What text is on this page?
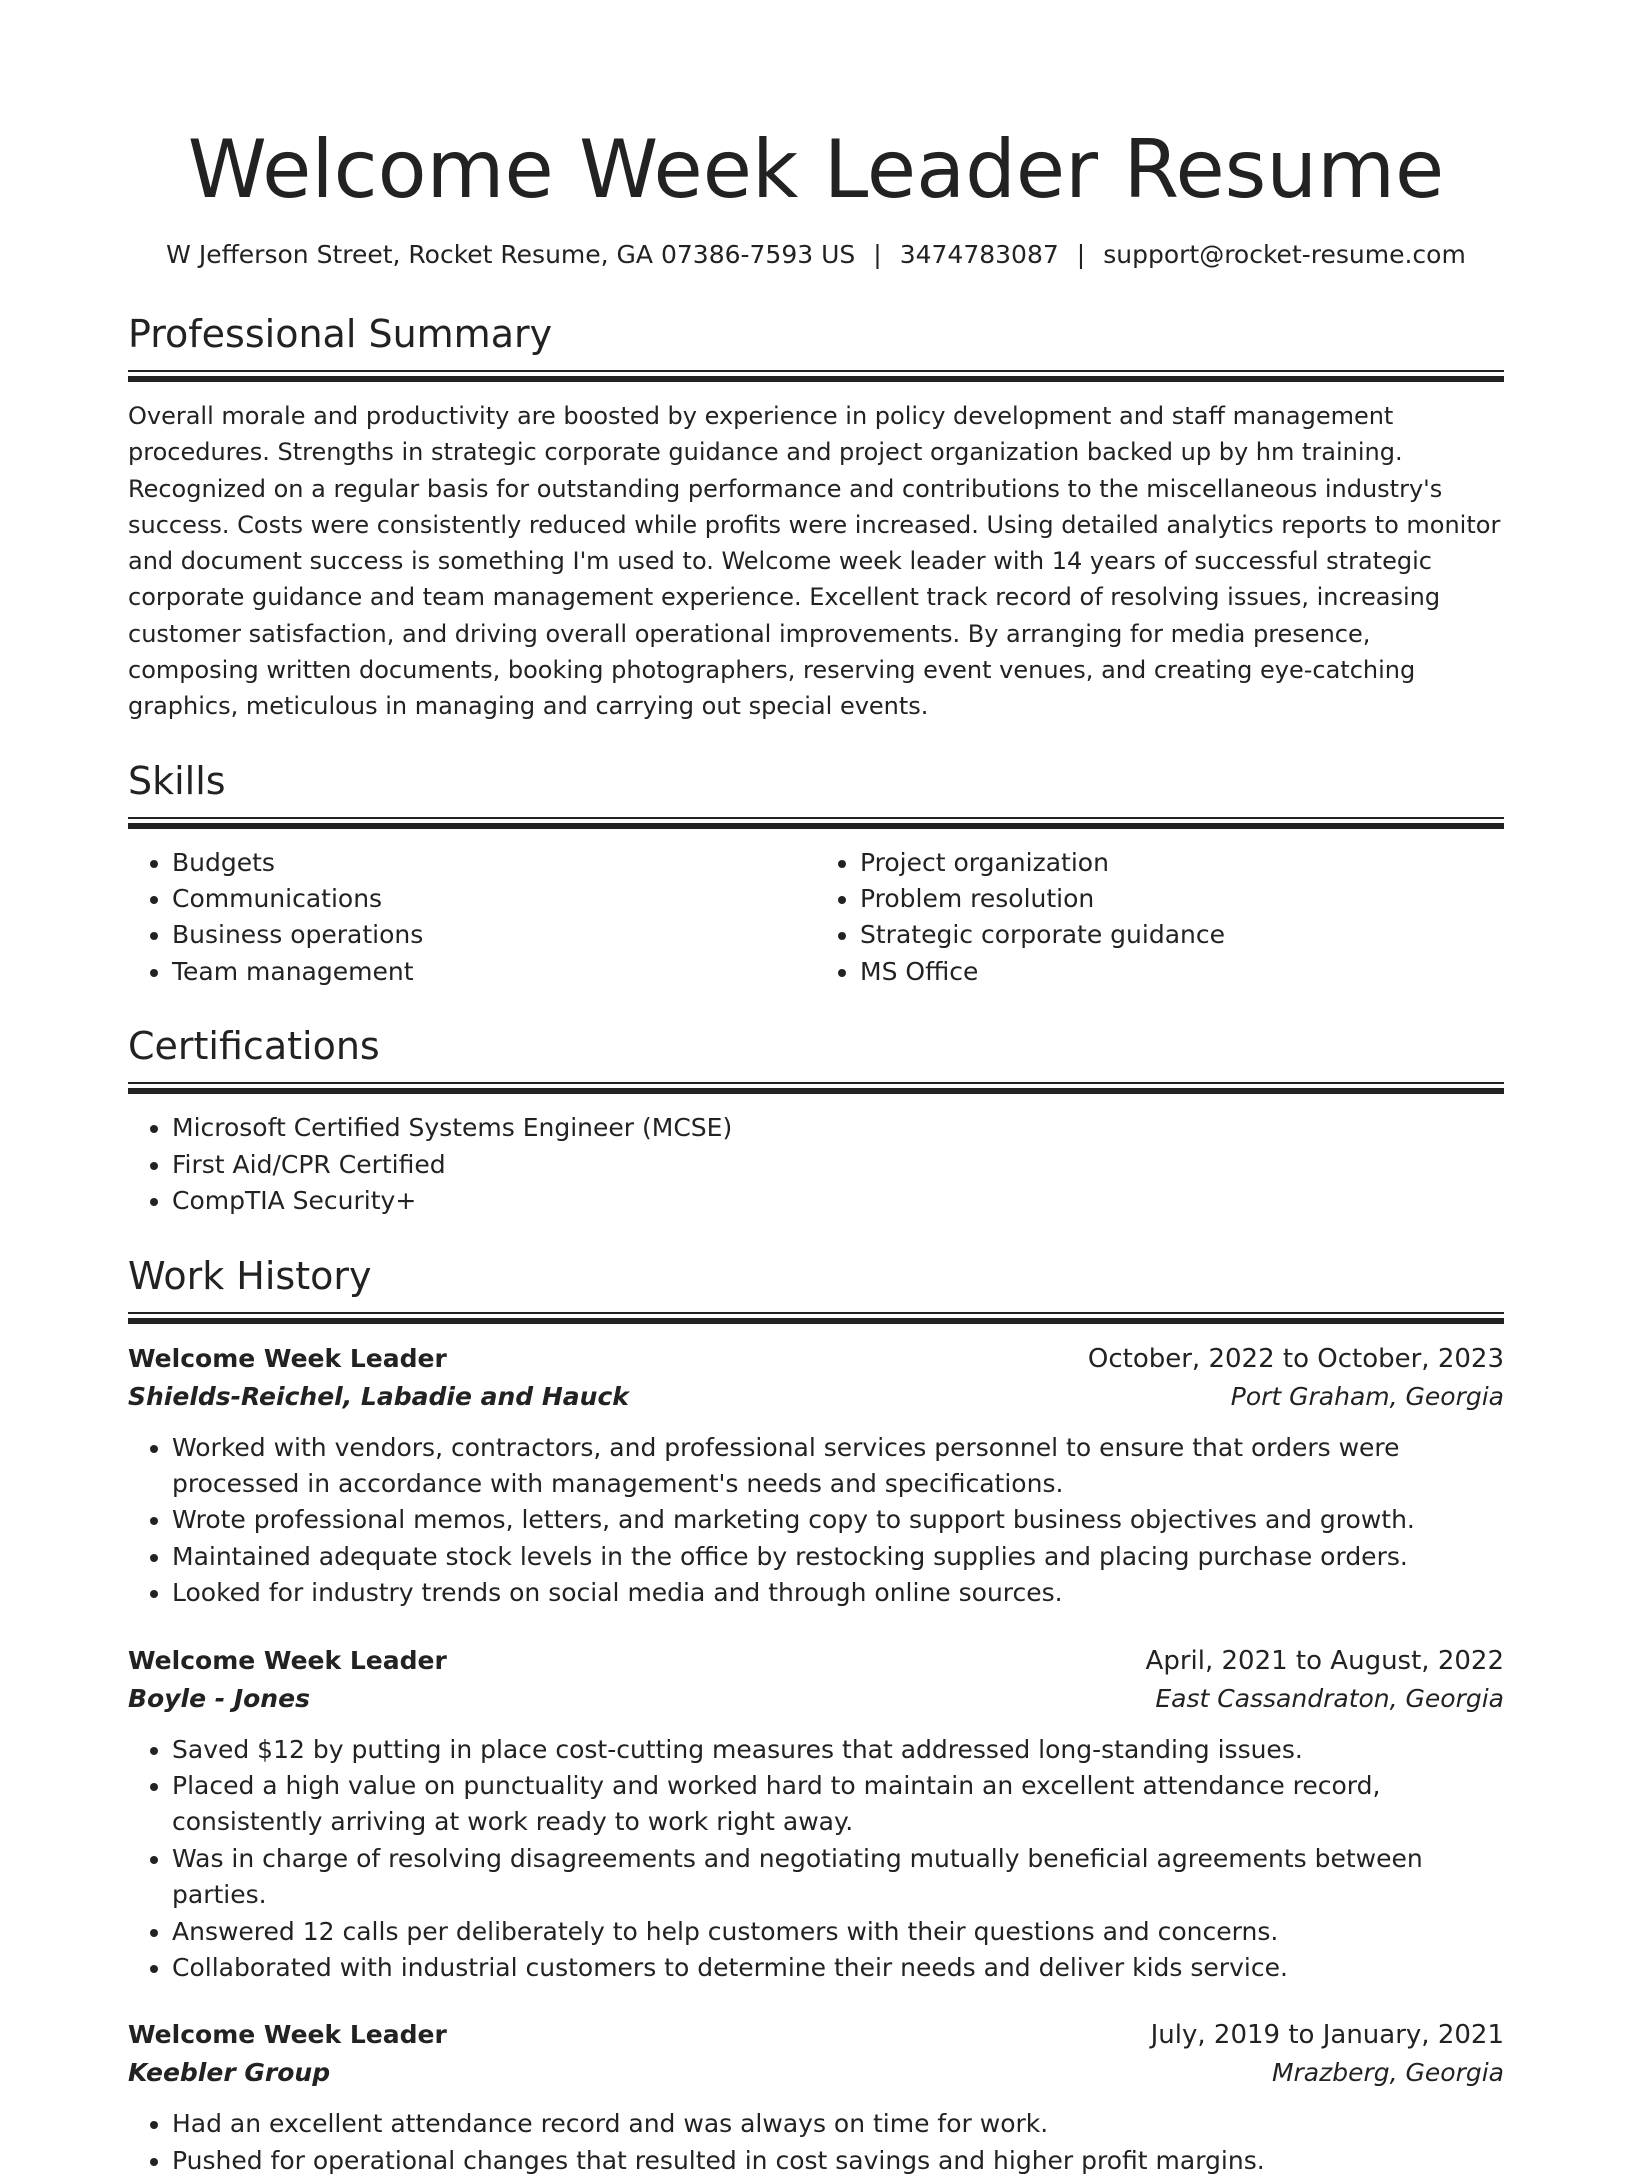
Welcome Week Leader Resume
W Jefferson Street, Rocket Resume, GA 07386-7593 US | 3474783087 | support@rocket-resume.com
Professional Summary

Overall morale and productivity are boosted by experience in policy development and staff management procedures. Strengths in strategic corporate guidance and project organization backed up by hm training. Recognized on a regular basis for outstanding performance and contributions to the miscellaneous industry's success. Costs were consistently reduced while profits were increased. Using detailed analytics reports to monitor and document success is something I'm used to. Welcome week leader with 14 years of successful strategic corporate guidance and team management experience. Excellent track record of resolving issues, increasing customer satisfaction, and driving overall operational improvements. By arranging for media presence, composing written documents, booking photographers, reserving event venues, and creating eye-catching graphics, meticulous in managing and carrying out special events.

Skills
• Budgets
• Communications
• Business operations
• Team management
• Project organization
• Problem resolution
• Strategic corporate guidance
• MS Office
Certifications
• Microsoft Certified Systems Engineer (MCSE)
• First Aid/CPR Certified
• CompTIA Security+
Work History
Welcome Week Leader	October, 2022 to October, 2023
Shields-Reichel, Labadie and Hauck	Port Graham, Georgia
• Worked with vendors, contractors, and professional services personnel to ensure that orders were processed in accordance with management's needs and specifications.
• Wrote professional memos, letters, and marketing copy to support business objectives and growth.
• Maintained adequate stock levels in the office by restocking supplies and placing purchase orders.
• Looked for industry trends on social media and through online sources.
Welcome Week Leader	April, 2021 to August, 2022
Boyle - Jones	East Cassandraton, Georgia
• Saved $12 by putting in place cost-cutting measures that addressed long-standing issues.
• Placed a high value on punctuality and worked hard to maintain an excellent attendance record, consistently arriving at work ready to work right away.
• Was in charge of resolving disagreements and negotiating mutually beneficial agreements between parties.
• Answered 12 calls per deliberately to help customers with their questions and concerns.
• Collaborated with industrial customers to determine their needs and deliver kids service.
Welcome Week Leader	July, 2019 to January, 2021
Keebler Group	Mrazberg, Georgia
• Had an excellent attendance record and was always on time for work.
• Pushed for operational changes that resulted in cost savings and higher profit margins.
